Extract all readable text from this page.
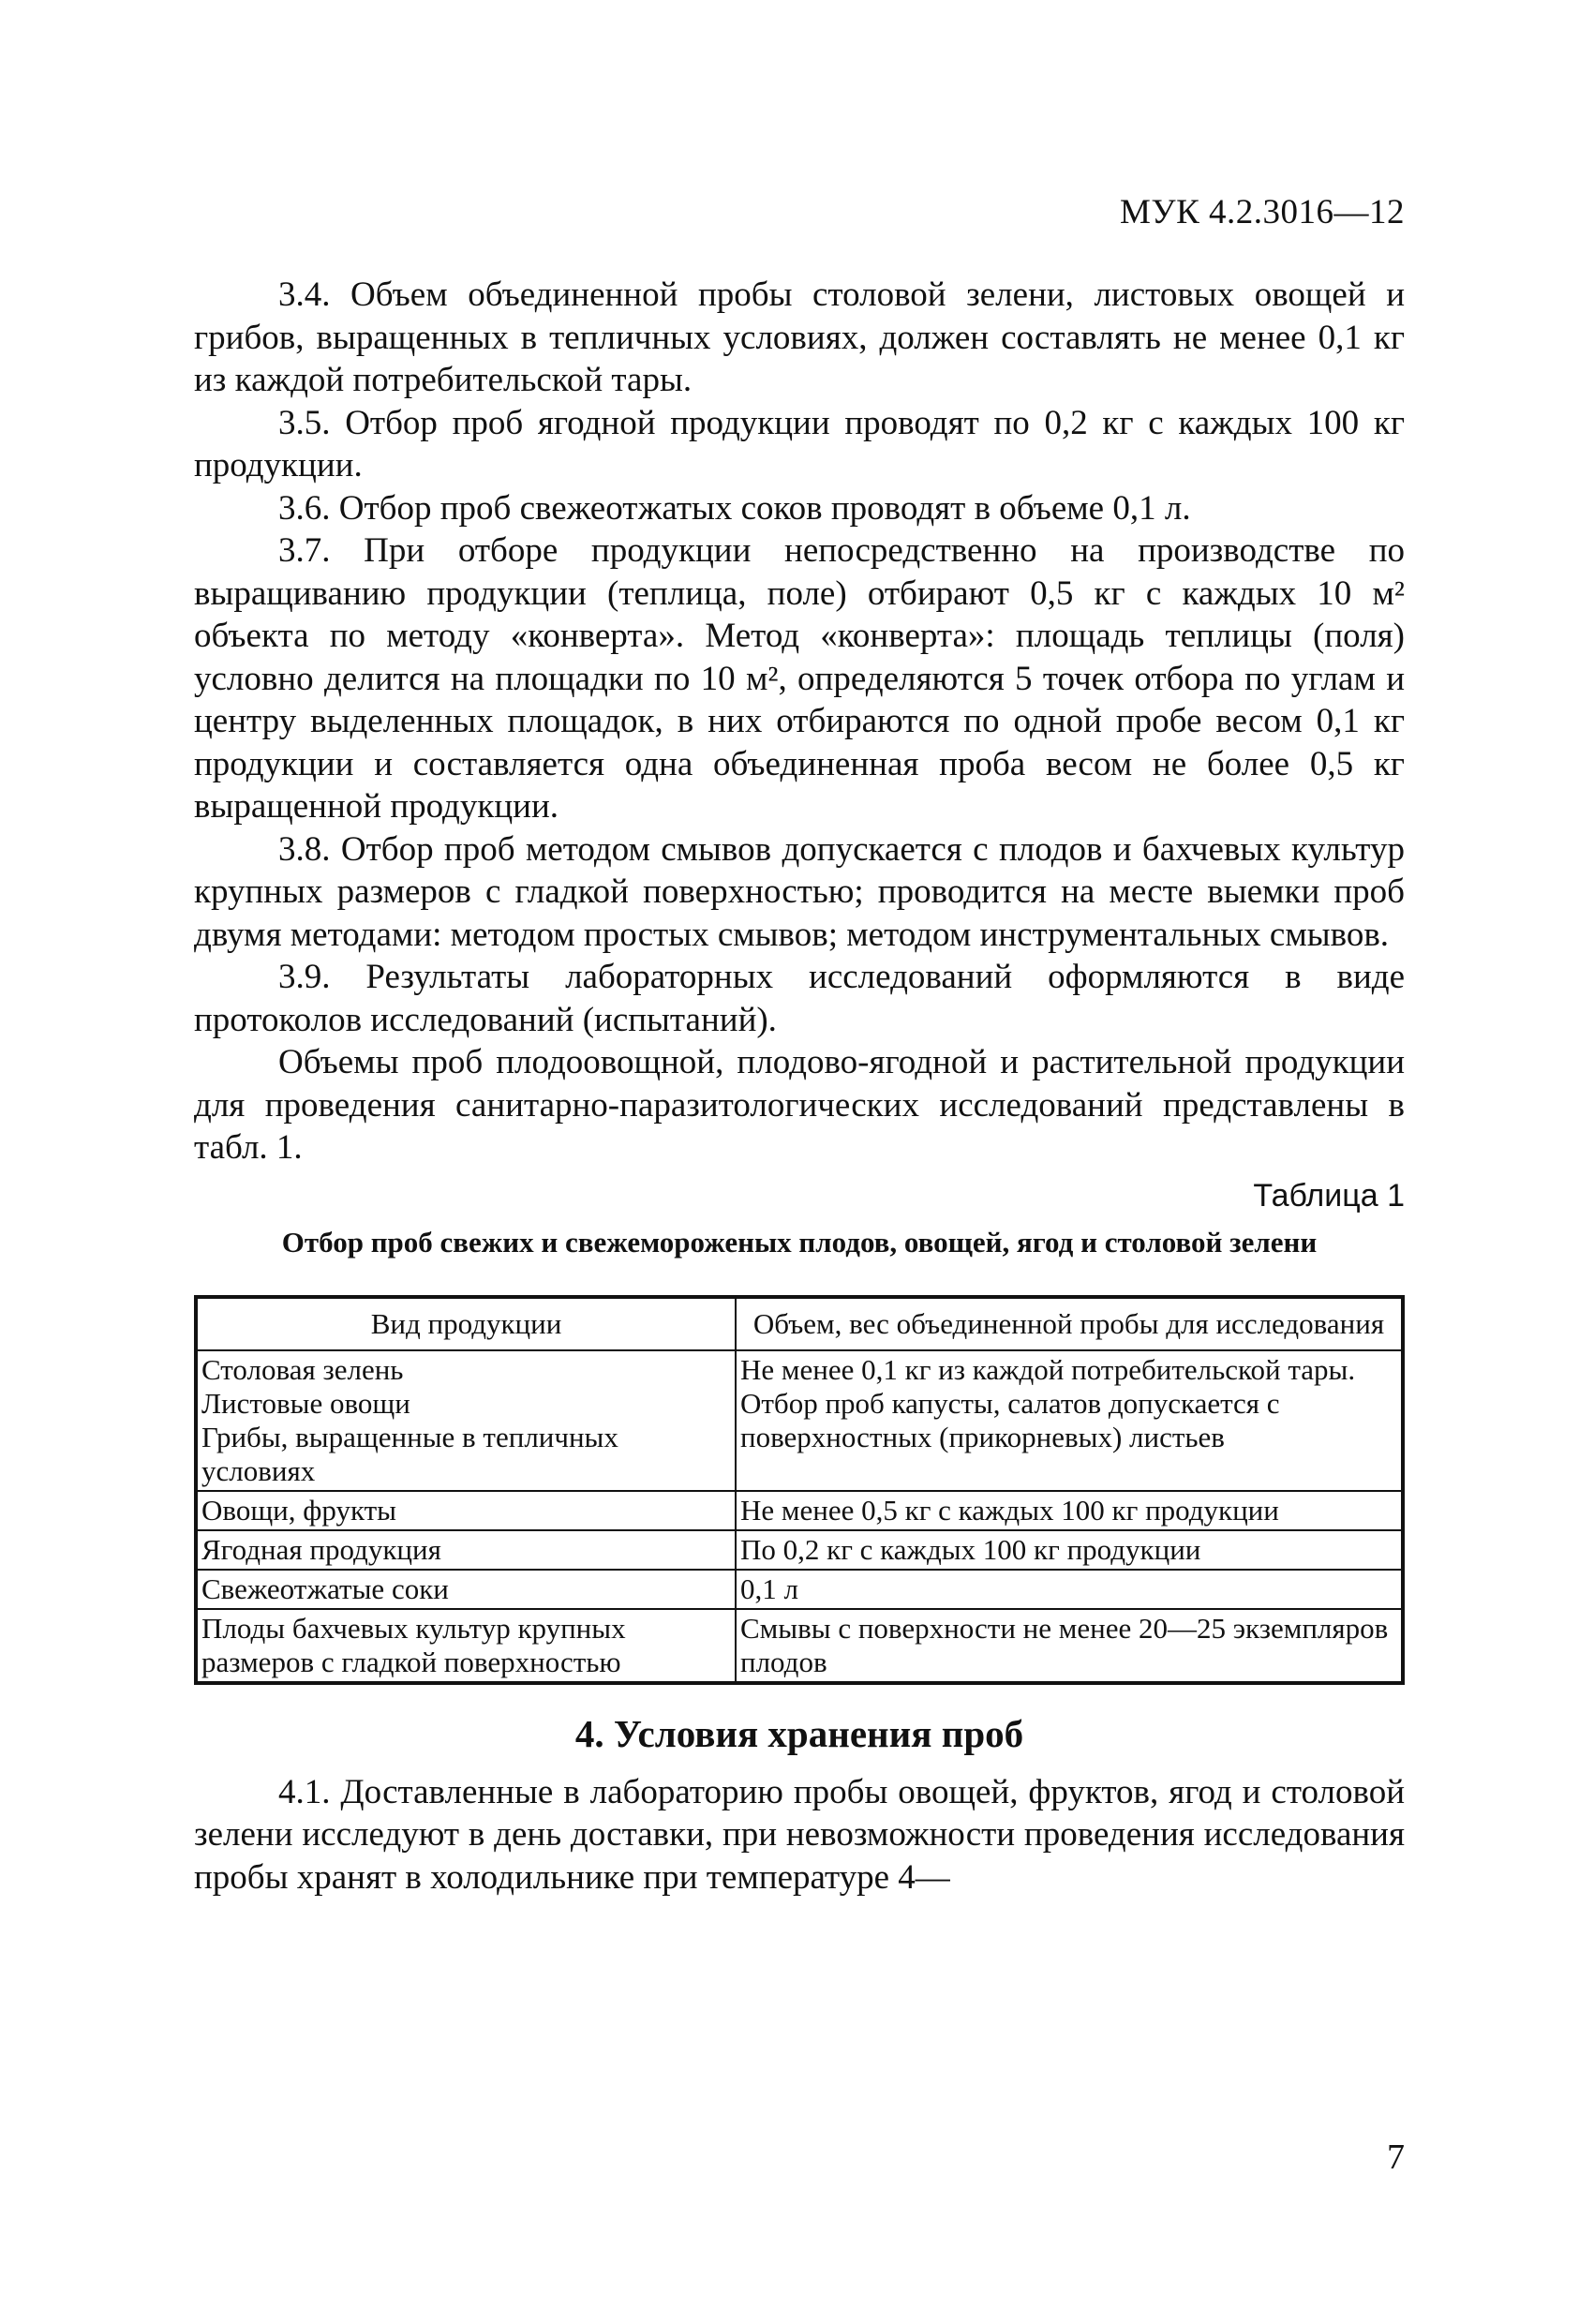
МУК 4.2.3016—12

3.4. Объем объединенной пробы столовой зелени, листовых овощей и грибов, выращенных в тепличных условиях, должен составлять не менее 0,1 кг из каждой потребительской тары.

3.5. Отбор проб ягодной продукции проводят по 0,2 кг с каждых 100 кг продукции.

3.6. Отбор проб свежеотжатых соков проводят в объеме 0,1 л.

3.7. При отборе продукции непосредственно на производстве по выращиванию продукции (теплица, поле) отбирают 0,5 кг с каждых 10 м² объекта по методу «конверта». Метод «конверта»: площадь теплицы (поля) условно делится на площадки по 10 м², определяются 5 точек отбора по углам и центру выделенных площадок, в них отбираются по одной пробе весом 0,1 кг продукции и составляется одна объединенная проба весом не более 0,5 кг выращенной продукции.

3.8. Отбор проб методом смывов допускается с плодов и бахчевых культур крупных размеров с гладкой поверхностью; проводится на месте выемки проб двумя методами: методом простых смывов; методом инструментальных смывов.

3.9. Результаты лабораторных исследований оформляются в виде протоколов исследований (испытаний).

Объемы проб плодоовощной, плодово-ягодной и растительной продукции для проведения санитарно-паразитологических исследований представлены в табл. 1.

Таблица 1
Отбор проб свежих и свежемороженых плодов, овощей, ягод и столовой зелени
Вид продукции	Объем, вес объединенной пробы для исследования

Столовая зелень
Листовые овощи
Грибы, выращенные в тепличных условиях	Не менее 0,1 кг из каждой потребительской тары.
Отбор проб капусты, салатов допускается с поверхностных (прикорневых) листьев

Овощи, фрукты	Не менее 0,5 кг с каждых 100 кг продукции
Ягодная продукция	По 0,2 кг с каждых 100 кг продукции
Свежеотжатые соки	0,1 л
Плоды бахчевых культур крупных размеров с гладкой поверхностью	Смывы с поверхности не менее 20—25 экземпляров плодов
4. Условия хранения проб

4.1. Доставленные в лабораторию пробы овощей, фруктов, ягод и столовой зелени исследуют в день доставки, при невозможности проведения исследования пробы хранят в холодильнике при температуре 4—

7
